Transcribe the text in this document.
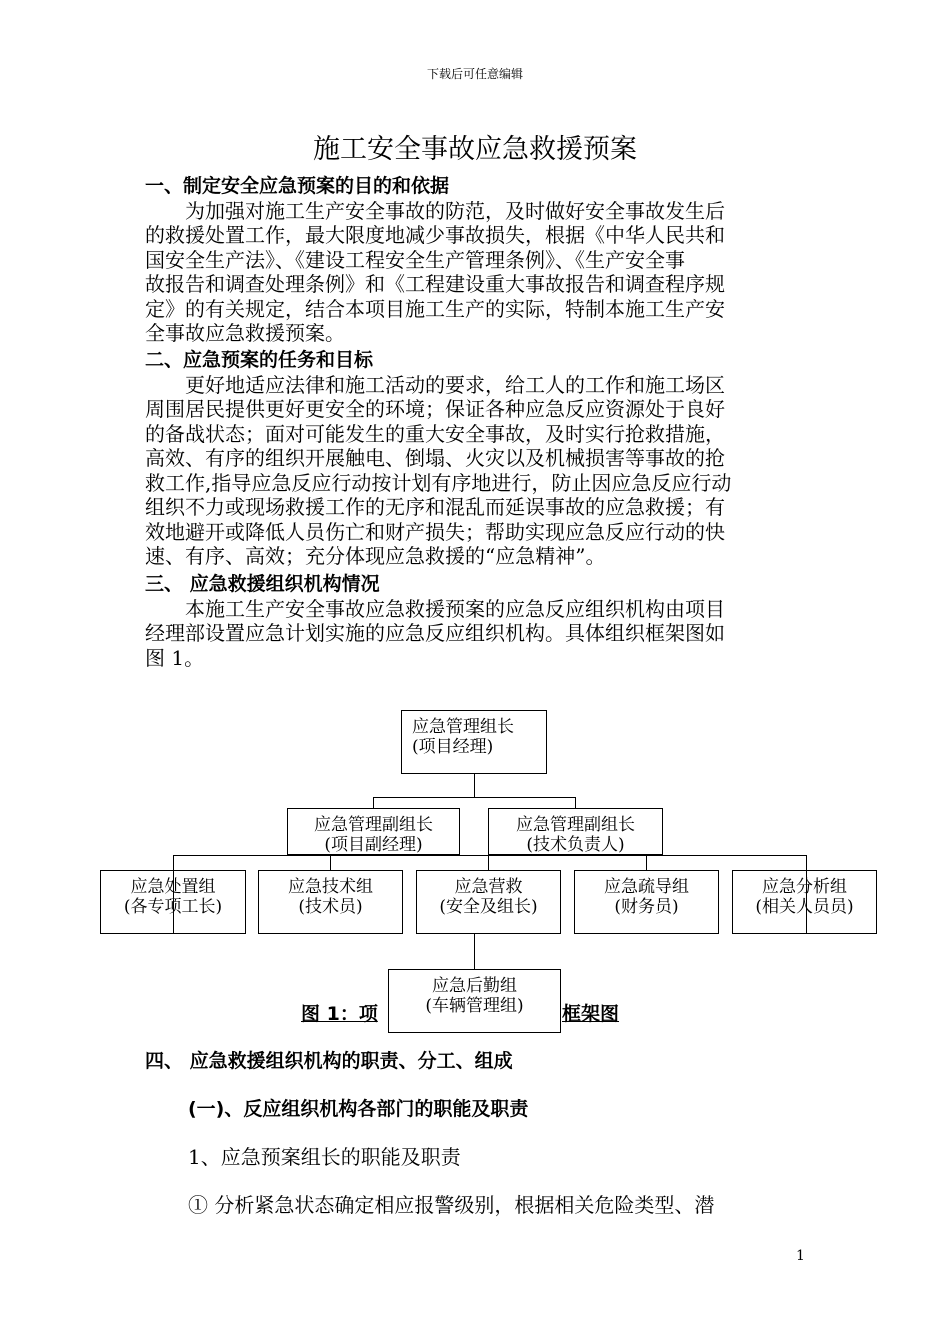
下载后可任意编辑
施工安全事故应急救援预案
一、制定安全应急预案的目的和依据
为加强对施工生产安全事故的防范，及时做好安全事故发生后
的救援处置工作，最大限度地减少事故损失，根据《中华人民共和
国安全生产法》、《建设工程安全生产管理条例》、《生产安全事
故报告和调查处理条例》和《工程建设重大事故报告和调查程序规
定》的有关规定，结合本项目施工生产的实际，特制本施工生产安
全事故应急救援预案。
二、应急预案的任务和目标
更好地适应法律和施工活动的要求，给工人的工作和施工场区
周围居民提供更好更安全的环境；保证各种应急反应资源处于良好
的备战状态；面对可能发生的重大安全事故，及时实行抢救措施，
高效、有序的组织开展触电、倒塌、火灾以及机械损害等事故的抢
救工作,指导应急反应行动按计划有序地进行，防止因应急反应行动
组织不力或现场救援工作的无序和混乱而延误事故的应急救援；有
效地避开或降低人员伤亡和财产损失；帮助实现应急反应行动的快
速、有序、高效；充分体现应急救援的“应急精神”。
三、 应急救援组织机构情况
本施工生产安全事故应急救援预案的应急反应组织机构由项目
经理部设置应急计划实施的应急反应组织机构。具体组织框架图如
图 1。
应急管理组长
(项目经理)
应急管理副组长
(项目副经理)
应急管理副组长
(技术负责人)
应急处置组
(各专项工长)
应急技术组
(技术员)
应急营救
(安全及组长)
应急疏导组
(财务员)
应急分析组
(相关人员员)
图 1：项	框架图
应急后勤组
(车辆管理组)
四、 应急救援组织机构的职责、分工、组成
(一)、反应组织机构各部门的职能及职责
1、应急预案组长的职能及职责
① 分析紧急状态确定相应报警级别，根据相关危险类型、潜
1
